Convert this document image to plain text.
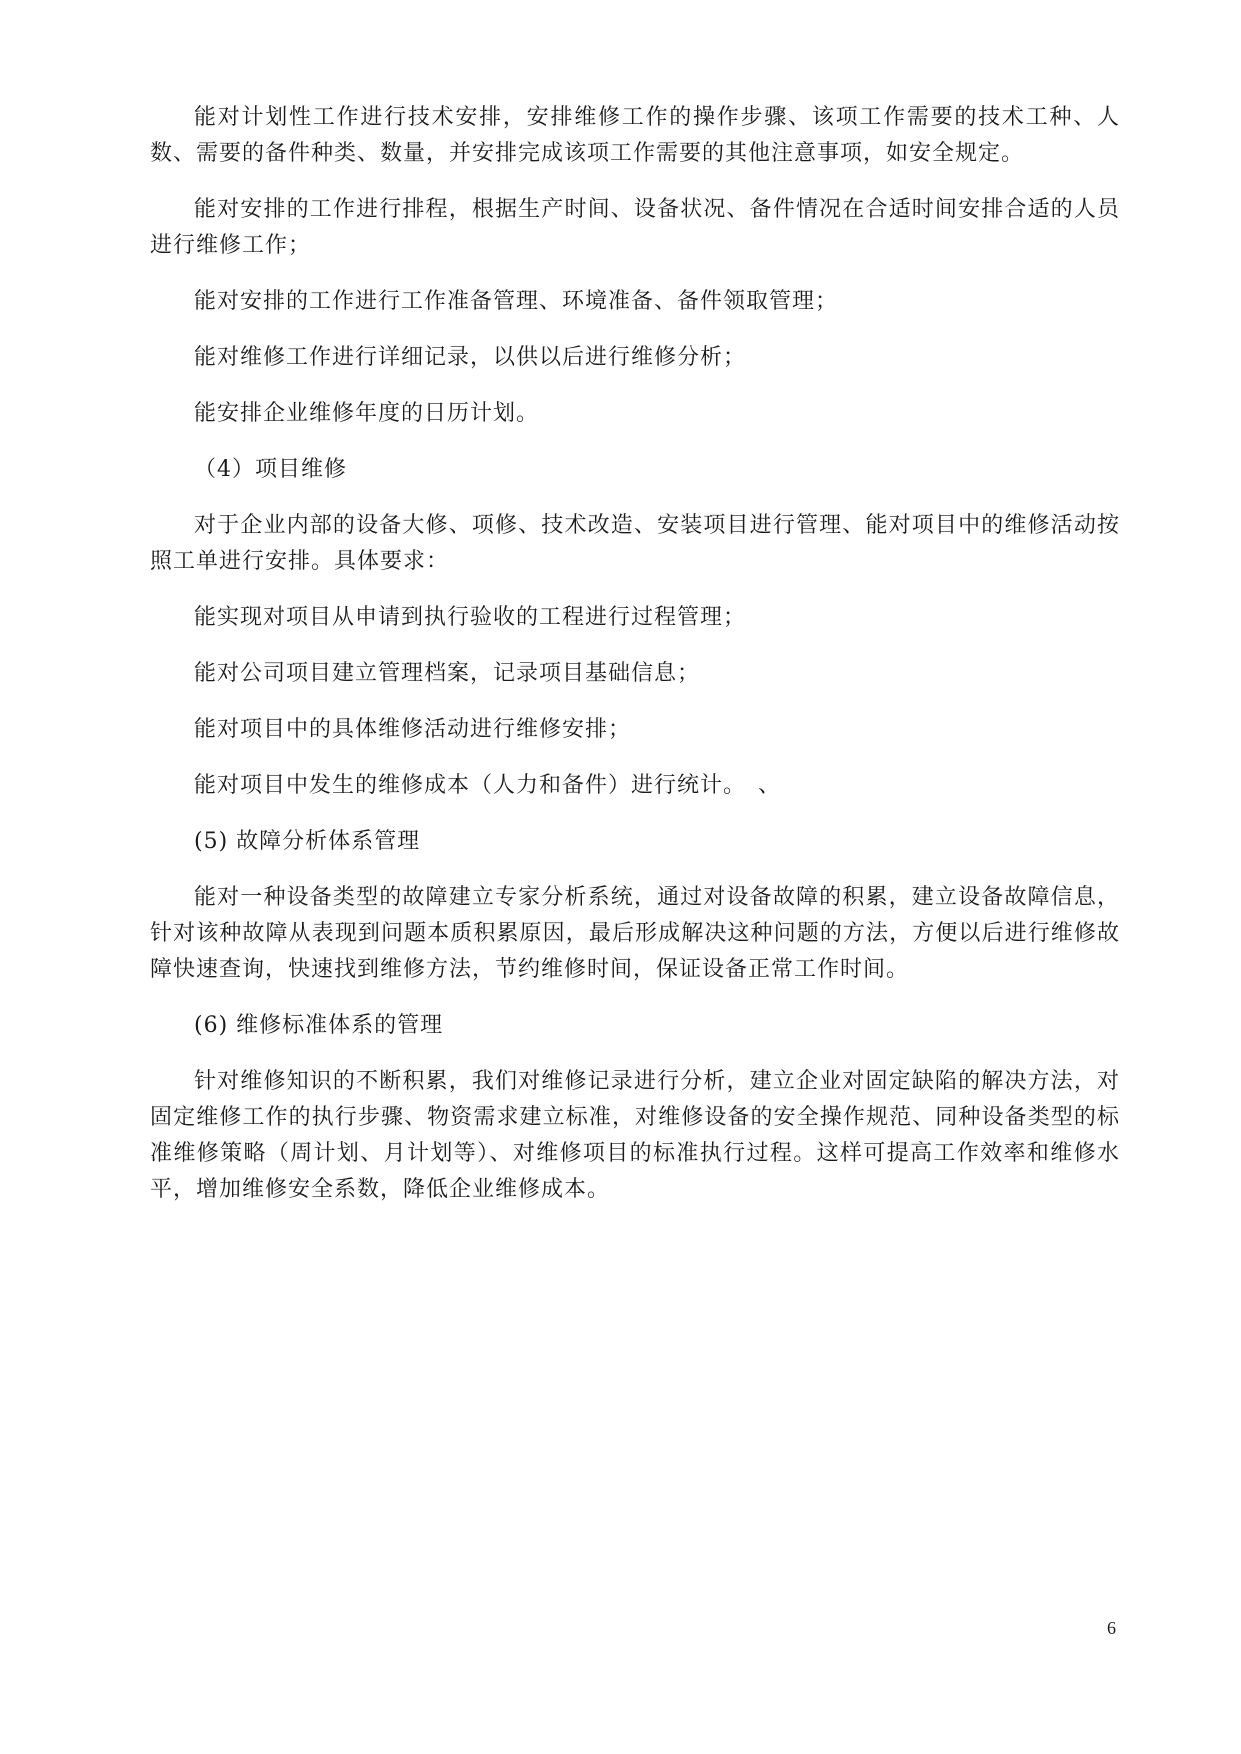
能对计划性工作进行技术安排，安排维修工作的操作步骤、该项工作需要的技术工种、人数、需要的备件种类、数量，并安排完成该项工作需要的其他注意事项，如安全规定。

能对安排的工作进行排程，根据生产时间、设备状况、备件情况在合适时间安排合适的人员进行维修工作；

能对安排的工作进行工作准备管理、环境准备、备件领取管理；

能对维修工作进行详细记录，以供以后进行维修分析；

能安排企业维修年度的日历计划。

（4）项目维修

对于企业内部的设备大修、项修、技术改造、安装项目进行管理、能对项目中的维修活动按照工单进行安排。具体要求：

能实现对项目从申请到执行验收的工程进行过程管理；

能对公司项目建立管理档案，记录项目基础信息；

能对项目中的具体维修活动进行维修安排；

能对项目中发生的维修成本（人力和备件）进行统计。　、

(5) 故障分析体系管理

能对一种设备类型的故障建立专家分析系统，通过对设备故障的积累，建立设备故障信息，针对该种故障从表现到问题本质积累原因，最后形成解决这种问题的方法，方便以后进行维修故障快速查询，快速找到维修方法，节约维修时间，保证设备正常工作时间。

(6) 维修标准体系的管理

针对维修知识的不断积累，我们对维修记录进行分析，建立企业对固定缺陷的解决方法，对固定维修工作的执行步骤、物资需求建立标准，对维修设备的安全操作规范、同种设备类型的标准维修策略（周计划、月计划等）、对维修项目的标准执行过程。这样可提高工作效率和维修水平，增加维修安全系数，降低企业维修成本。

6
